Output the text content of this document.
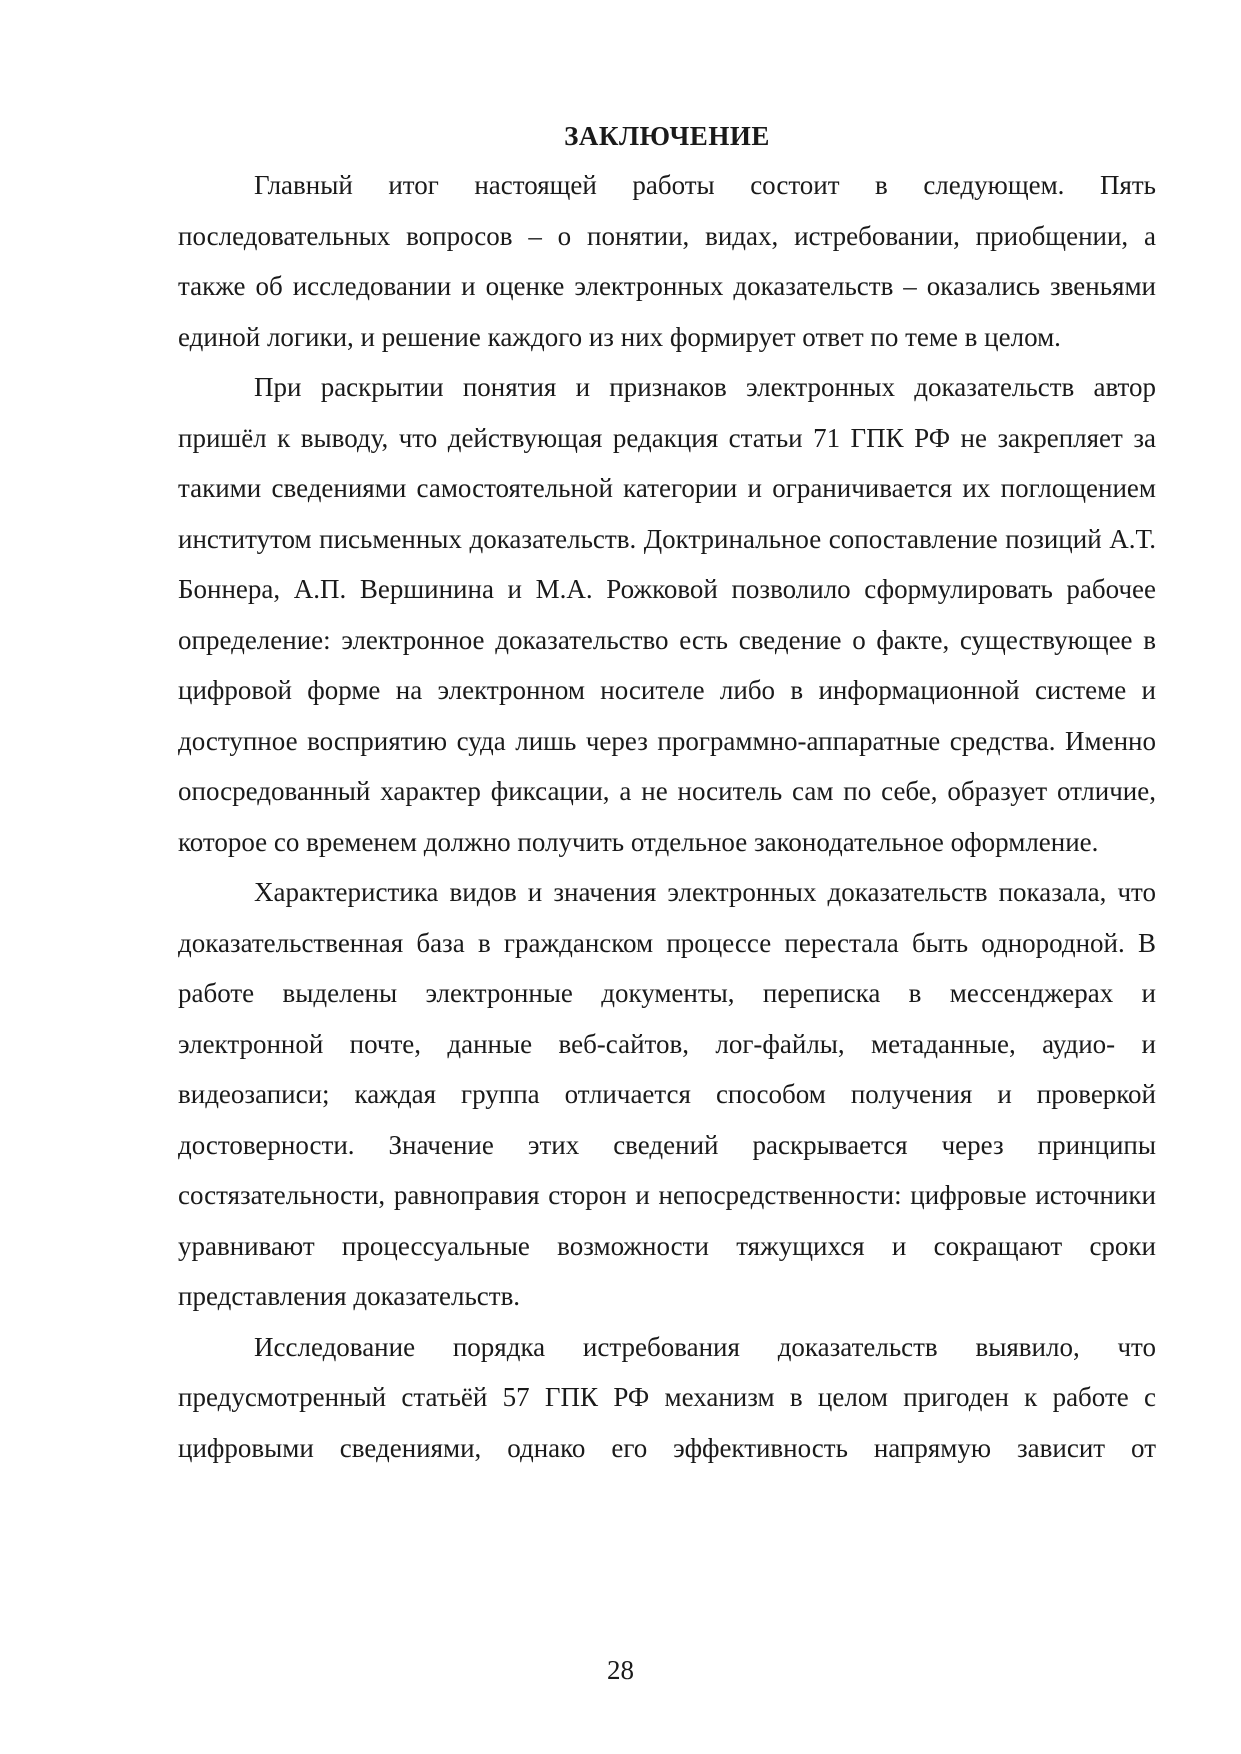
ЗАКЛЮЧЕНИЕ

Главный итог настоящей работы состоит в следующем. Пять последовательных вопросов – о понятии, видах, истребовании, приобщении, а также об исследовании и оценке электронных доказательств – оказались звеньями единой логики, и решение каждого из них формирует ответ по теме в целом.

При раскрытии понятия и признаков электронных доказательств автор пришёл к выводу, что действующая редакция статьи 71 ГПК РФ не закрепляет за такими сведениями самостоятельной категории и ограничивается их поглощением институтом письменных доказательств. Доктринальное сопоставление позиций А.Т. Боннера, А.П. Вершинина и М.А. Рожковой позволило сформулировать рабочее определение: электронное доказательство есть сведение о факте, существующее в цифровой форме на электронном носителе либо в информационной системе и доступное восприятию суда лишь через программно-аппаратные средства. Именно опосредованный характер фиксации, а не носитель сам по себе, образует отличие, которое со временем должно получить отдельное законодательное оформление.

Характеристика видов и значения электронных доказательств показала, что доказательственная база в гражданском процессе перестала быть однородной. В работе выделены электронные документы, переписка в мессенджерах и электронной почте, данные веб-сайтов, лог-файлы, метаданные, аудио- и видеозаписи; каждая группа отличается способом получения и проверкой достоверности. Значение этих сведений раскрывается через принципы состязательности, равноправия сторон и непосредственности: цифровые источники уравнивают процессуальные возможности тяжущихся и сокращают сроки представления доказательств.

Исследование порядка истребования доказательств выявило, что предусмотренный статьёй 57 ГПК РФ механизм в целом пригоден к работе с цифровыми сведениями, однако его эффективность напрямую зависит от

28
